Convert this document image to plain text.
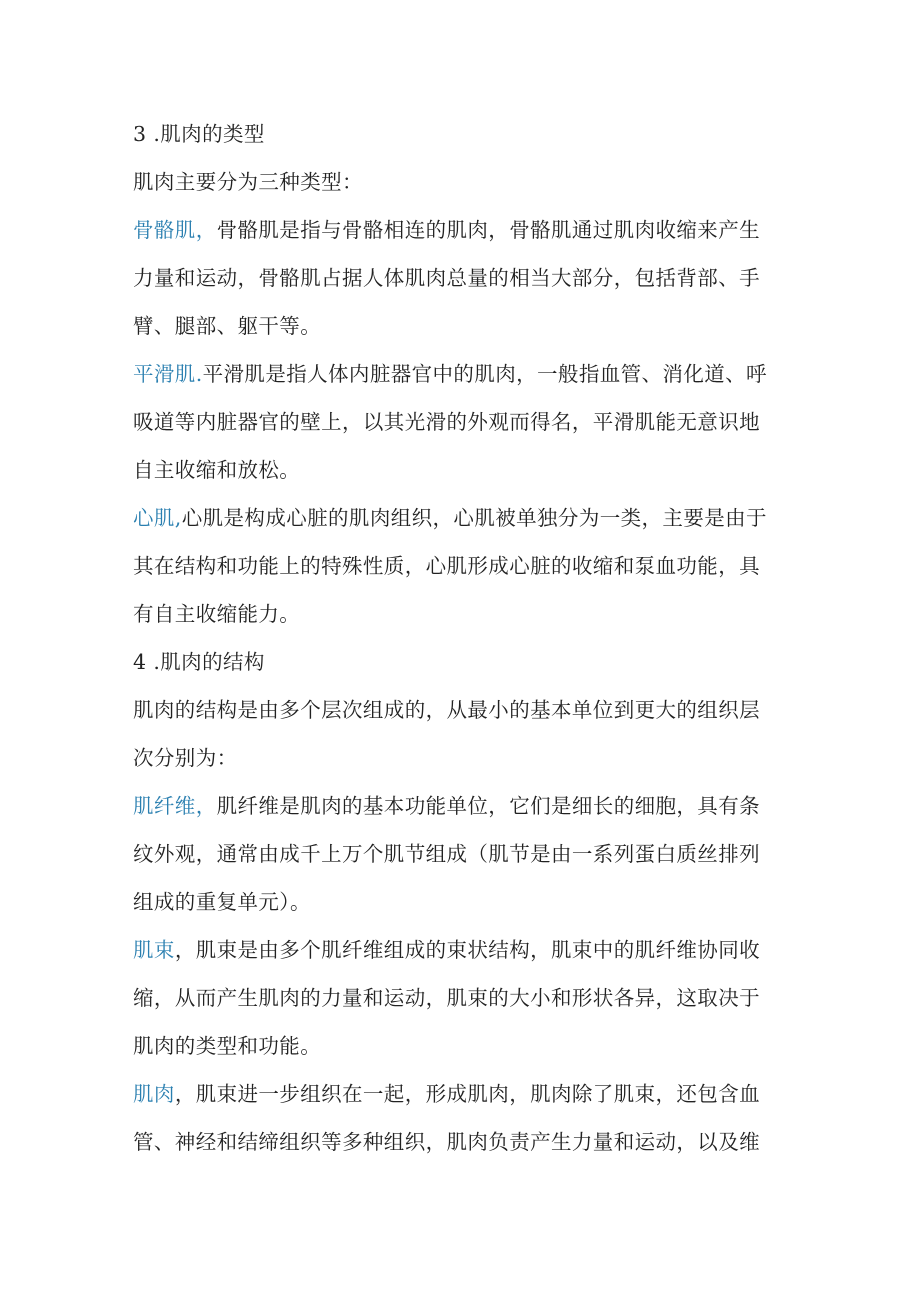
3 .肌肉的类型

肌肉主要分为三种类型：

骨骼肌，骨骼肌是指与骨骼相连的肌肉，骨骼肌通过肌肉收缩来产生
力量和运动，骨骼肌占据人体肌肉总量的相当大部分，包括背部、手
臂、腿部、躯干等。

平滑肌.平滑肌是指人体内脏器官中的肌肉，一般指血管、消化道、呼
吸道等内脏器官的壁上，以其光滑的外观而得名，平滑肌能无意识地
自主收缩和放松。

心肌,心肌是构成心脏的肌肉组织，心肌被单独分为一类，主要是由于
其在结构和功能上的特殊性质，心肌形成心脏的收缩和泵血功能，具
有自主收缩能力。

4 .肌肉的结构

肌肉的结构是由多个层次组成的，从最小的基本单位到更大的组织层
次分别为：

肌纤维，肌纤维是肌肉的基本功能单位，它们是细长的细胞，具有条
纹外观，通常由成千上万个肌节组成（肌节是由一系列蛋白质丝排列
组成的重复单元）。

肌束，肌束是由多个肌纤维组成的束状结构，肌束中的肌纤维协同收
缩，从而产生肌肉的力量和运动，肌束的大小和形状各异，这取决于
肌肉的类型和功能。

肌肉，肌束进一步组织在一起，形成肌肉，肌肉除了肌束，还包含血
管、神经和结缔组织等多种组织，肌肉负责产生力量和运动，以及维
